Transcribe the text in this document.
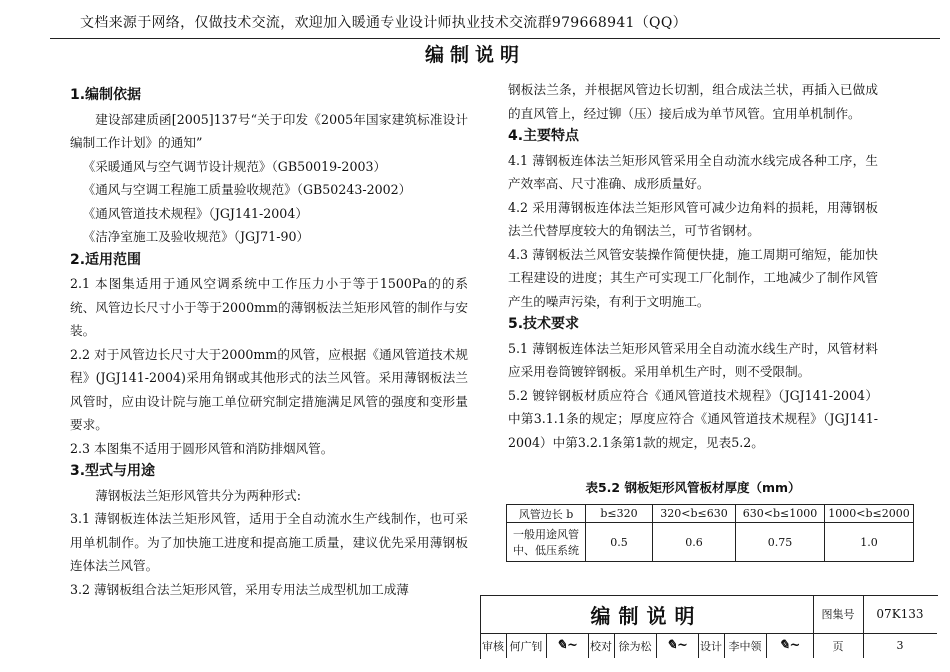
文档来源于网络，仅做技术交流，欢迎加入暖通专业设计师执业技术交流群979668941（QQ）
编制说明
1.编制依据
建设部建质函[2005]137号“关于印发《2005年国家建筑标准设计编制工作计划》的通知”
《采暖通风与空气调节设计规范》（GB50019-2003）
《通风与空调工程施工质量验收规范》（GB50243-2002）
《通风管道技术规程》（JGJ141-2004）
《洁净室施工及验收规范》（JGJ71-90）
2.适用范围
2.1 本图集适用于通风空调系统中工作压力小于等于1500Pa的的系统、风管边长尺寸小于等于2000mm的薄钢板法兰矩形风管的制作与安装。
2.2 对于风管边长尺寸大于2000mm的风管，应根据《通风管道技术规程》(JGJ141-2004)采用角钢或其他形式的法兰风管。采用薄钢板法兰风管时，应由设计院与施工单位研究制定措施满足风管的强度和变形量要求。
2.3 本图集不适用于圆形风管和消防排烟风管。
3.型式与用途
薄钢板法兰矩形风管共分为两种形式:
3.1 薄钢板连体法兰矩形风管，适用于全自动流水生产线制作，也可采用单机制作。为了加快施工进度和提高施工质量，建议优先采用薄钢板连体法兰风管。
3.2 薄钢板组合法兰矩形风管，采用专用法兰成型机加工成薄
钢板法兰条，并根据风管边长切割，组合成法兰状，再插入已做成的直风管上，经过铆（压）接后成为单节风管。宜用单机制作。
4.主要特点
4.1 薄钢板连体法兰矩形风管采用全自动流水线完成各种工序，生产效率高、尺寸准确、成形质量好。
4.2 采用薄钢板连体法兰矩形风管可减少边角料的损耗，用薄钢板法兰代替厚度较大的角钢法兰，可节省钢材。
4.3 薄钢板法兰风管安装操作简便快捷，施工周期可缩短，能加快工程建设的进度；其生产可实现工厂化制作，工地减少了制作风管产生的噪声污染，有利于文明施工。
5.技术要求
5.1 薄钢板连体法兰矩形风管采用全自动流水线生产时，风管材料应采用卷筒镀锌钢板。采用单机生产时，则不受限制。
5.2 镀锌钢板材质应符合《通风管道技术规程》（JGJ141-2004）中第3.1.1条的规定；厚度应符合《通风管道技术规程》（JGJ141-2004）中第3.2.1条第1款的规定，见表5.2。
表5.2 钢板矩形风管板材厚度（mm）
风管边长 b	b≤320	320<b≤630	630<b≤1000	1000<b≤2000
一般用途风管中、低压系统	0.5	0.6	0.75	1.0
编制说明	图集号	07K133
审核 何广钊	✎~	校对 徐为松	✎~	设计 李中领	✎~	页	3
